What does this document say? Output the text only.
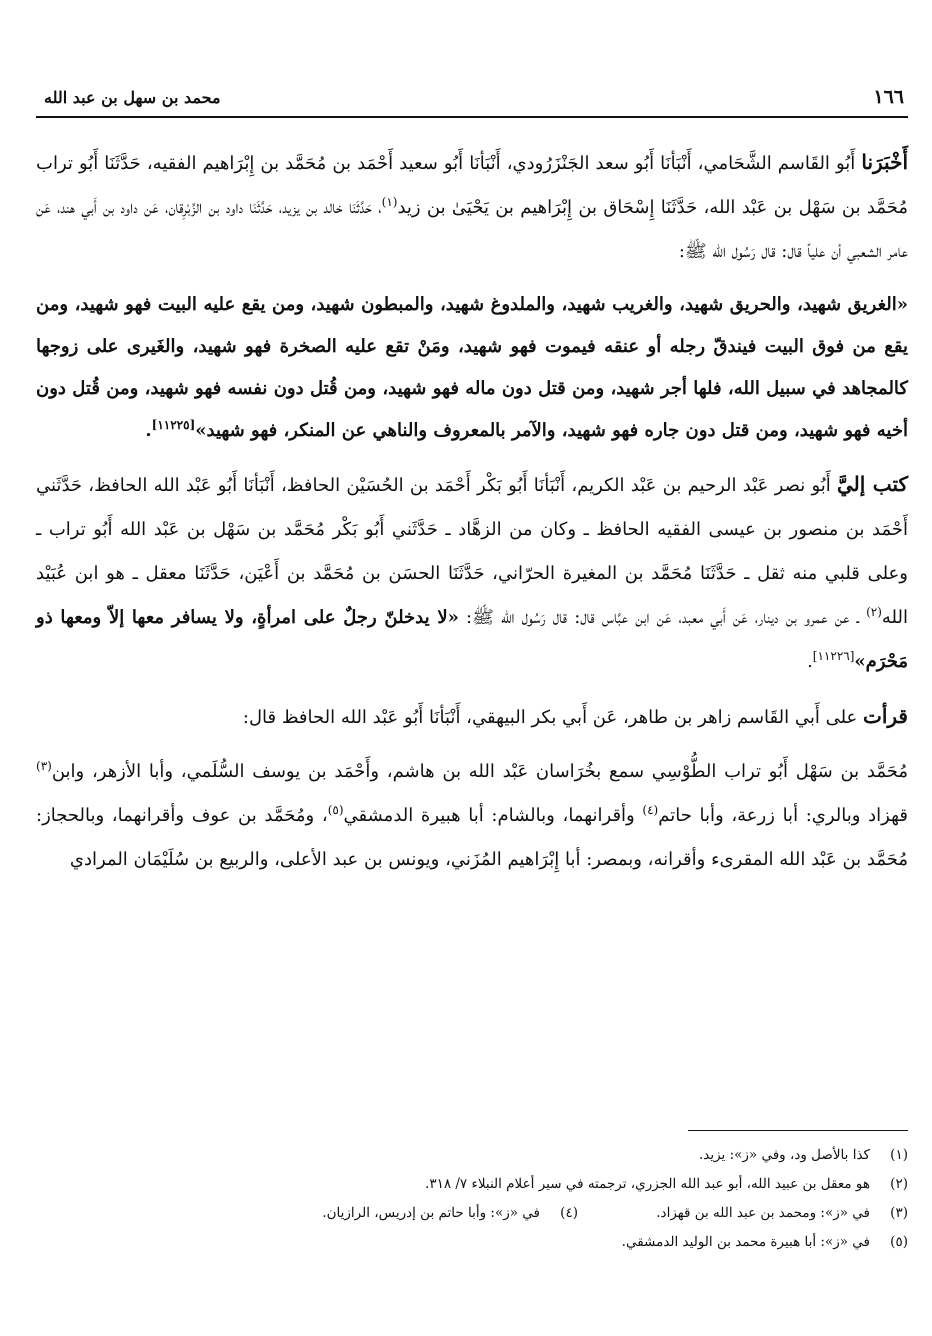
١٦٦
محمد بن سهل بن عبد الله

أَخْبَرَنا أَبُو القَاسم الشَّحَامي، أَنْبَأنَا أَبُو سعد الجَنْزَرُودي، أَنْبَأنَا أَبُو سعيد أَحْمَد بن مُحَمَّد بن إِبْرَاهيم الفقيه، حَدَّثَنَا أَبُو تراب مُحَمَّد بن سَهْل بن عَبْد الله، حَدَّثَنَا إِسْحَاق بن إِبْرَاهيم بن يَحْيَىٰ بن زيد$^{(١)}$، حَدَّثَنَا خالد بن يزيد، حَدَّثَنَا داود بن الزِّبْرِقان، عَن داود بن أَبي هند، عَن عامر الشعبي أن علياً قال: قال رَسُول الله ﷺ:

«الغريق شهيد، والحريق شهيد، والغريب شهيد، والملدوغ شهيد، والمبطون شهيد، ومن يقع عليه البيت فهو شهيد، ومن يقع من فوق البيت فيندقّ رجله أو عنقه فيموت فهو شهيد، ومَنْ تقع عليه الصخرة فهو شهيد، والغَيرى على زوجها كالمجاهد في سبيل الله، فلها أجر شهيد، ومن قتل دون ماله فهو شهيد، ومن قُتل دون نفسه فهو شهيد، ومن قُتل دون أخيه فهو شهيد، ومن قتل دون جاره فهو شهيد، والآمر بالمعروف والناهي عن المنكر، فهو شهيد»[١١٢٢٥].

كتب إليَّ أَبُو نصر عَبْد الرحيم بن عَبْد الكريم، أَنْبَأنَا أَبُو بَكْر أَحْمَد بن الحُسَيْن الحافظ، أَنْبَأنَا أَبُو عَبْد الله الحافظ، حَدَّثَني أَحْمَد بن منصور بن عيسى الفقيه الحافظ ـ وكان من الزهَّاد ـ حَدَّثَني أَبُو بَكْر مُحَمَّد بن سَهْل بن عَبْد الله أَبُو تراب ـ وعلى قلبي منه ثقل ـ حَدَّثَنَا مُحَمَّد بن المغيرة الحرّاني، حَدَّثَنَا الحسَن بن مُحَمَّد بن أَعْيَن، حَدَّثَنَا معقل ـ هو ابن عُبَيْد الله$^{(٢)}$ ـ عن عمرو بن دينار، عَن أَبي معبد، عَن ابن عبَّاس قال: قال رَسُول الله ﷺ: «لا يدخلنّ رجلٌ على امرأةٍ، ولا يسافر معها إلاّ ومعها ذو مَحْرَم»[١١٢٢٦].

قرأت على أَبي القَاسم زاهر بن طاهر، عَن أَبي بكر البيهقي، أَنْبَأنَا أَبُو عَبْد الله الحافظ قال:

مُحَمَّد بن سَهْل أَبُو تراب الطُّوْسِي سمع بخُرَاسان عَبْد الله بن هاشم، وأَحْمَد بن يوسف السُّلَمي، وأبا الأزهر، وابن$^{(٣)}$ قهزاد وبالري: أبا زرعة، وأبا حاتم$^{(٤)}$ وأقرانهما، وبالشام: أبا هبيرة الدمشقي$^{(٥)}$، ومُحَمَّد بن عوف وأقرانهما، وبالحجاز: مُحَمَّد بن عَبْد الله المقرىء وأقرانه، وبمصر: أبا إِبْرَاهيم المُزَني، ويونس بن عبد الأعلى، والربيع بن سُلَيْمَان المرادي

(١)
كذا بالأصل ود، وفي «ز»: يزيد.
(٢)
هو معقل بن عبيد الله، أبو عبد الله الجزري، ترجمته في سير أعلام النبلاء ٧/ ٣١٨.
(٣)
في «ز»: ومحمد بن عبد الله بن قهزاد.
(٤)
في «ز»: وأبا حاتم بن إدريس، الرازيان.
(٥)
في «ز»: أبا هبيرة محمد بن الوليد الدمشقي.
